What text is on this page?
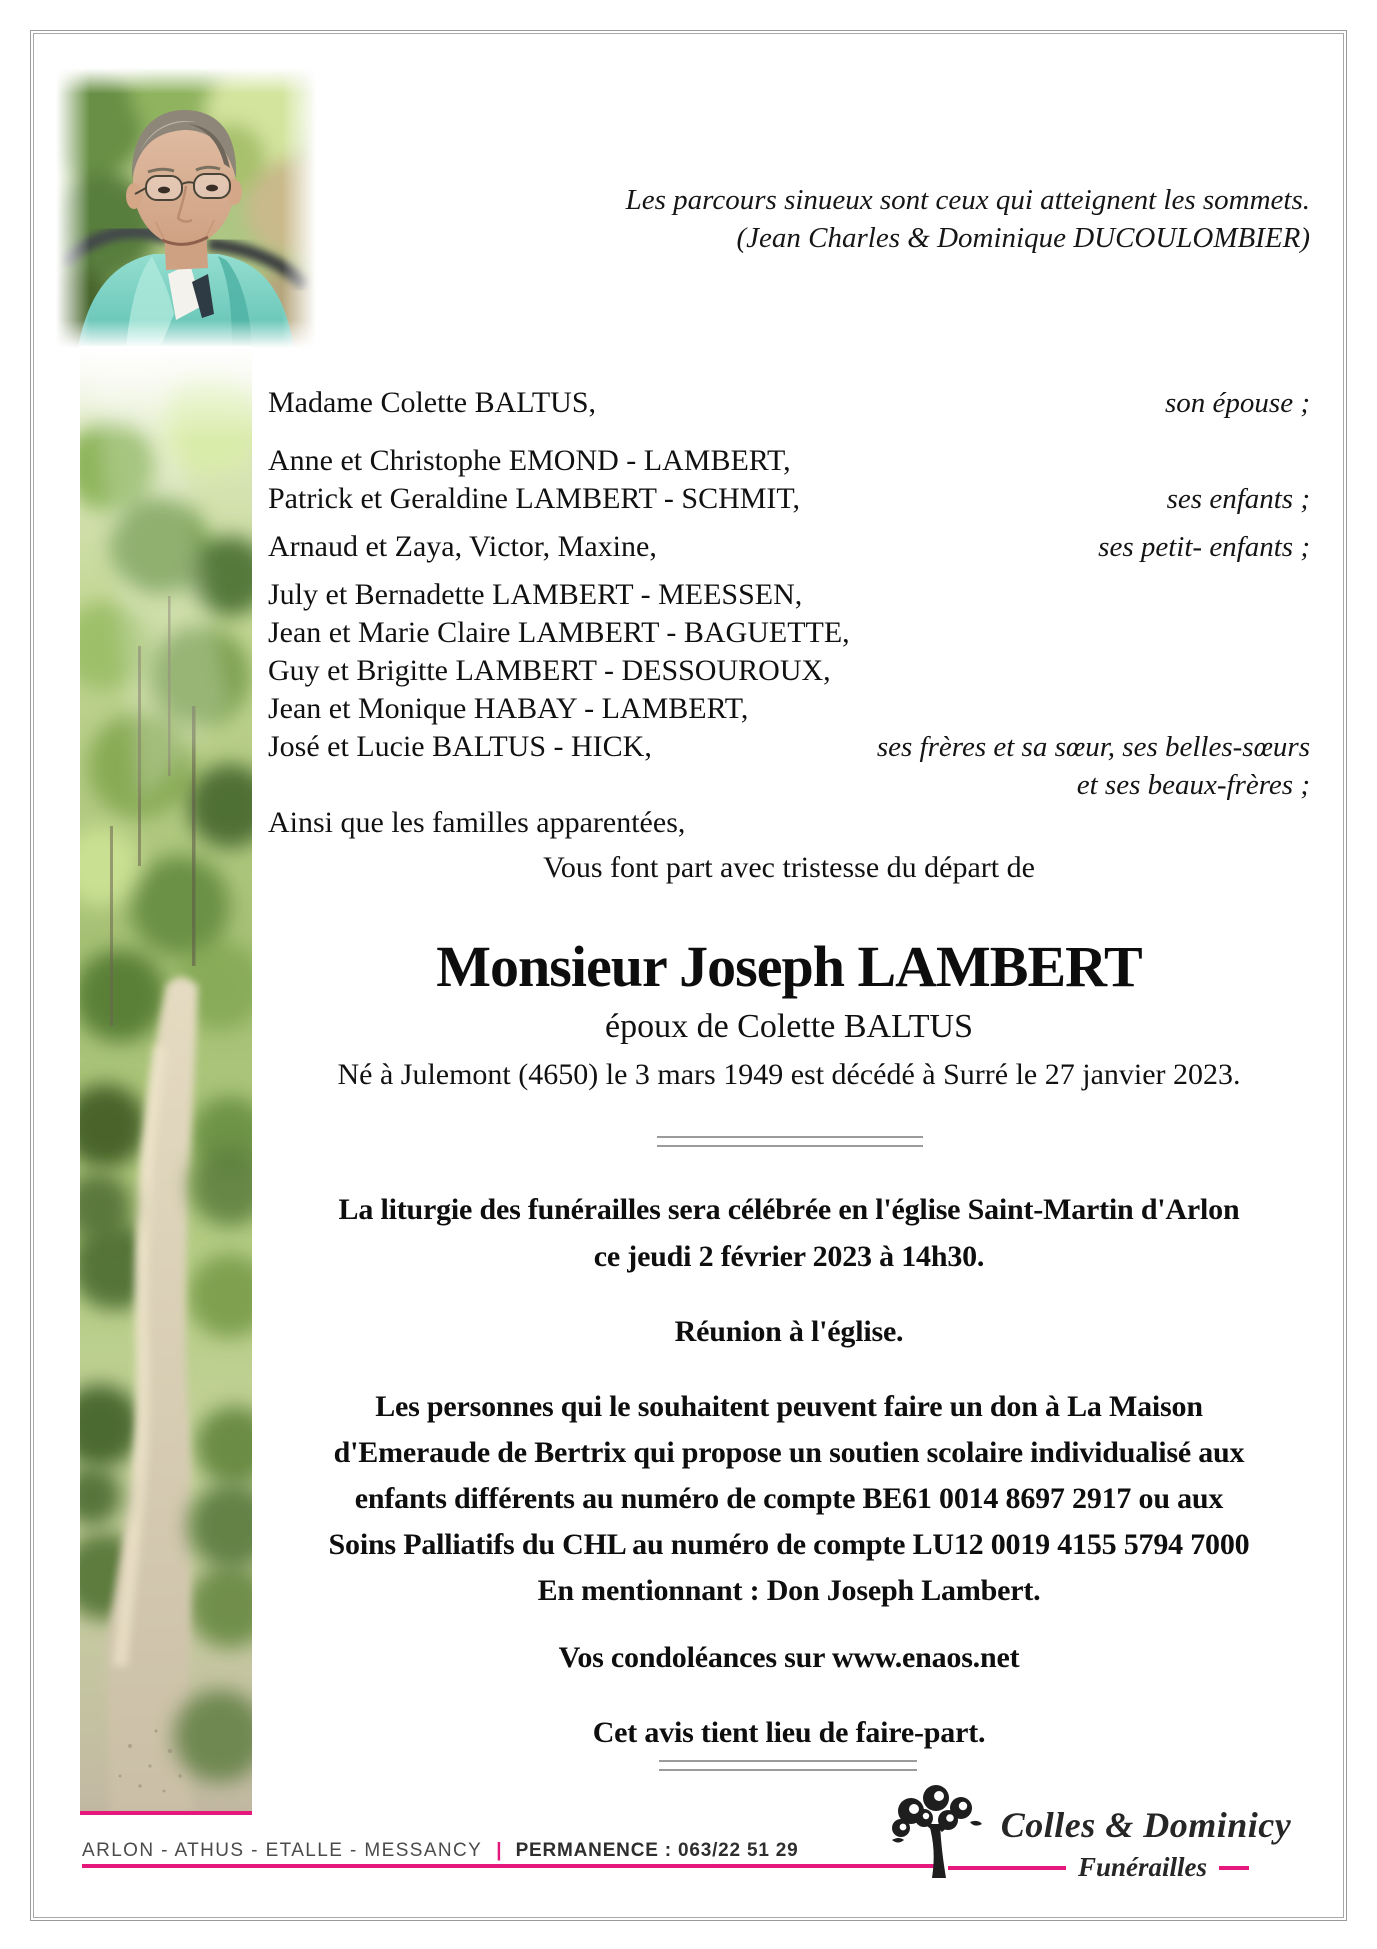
Les parcours sinueux sont ceux qui atteignent les sommets.
(Jean Charles & Dominique DUCOULOMBIER)
Madame Colette BALTUS,	son épouse ;
Anne et Christophe EMOND - LAMBERT,
Patrick et Geraldine LAMBERT - SCHMIT,	ses enfants ;
Arnaud et Zaya, Victor, Maxine,	ses petit- enfants ;
July et Bernadette LAMBERT - MEESSEN,
Jean et Marie Claire LAMBERT - BAGUETTE,
Guy et Brigitte LAMBERT - DESSOUROUX,
Jean et Monique HABAY - LAMBERT,
José et Lucie BALTUS - HICK,	ses frères et sa sœur, ses belles-sœurs
et ses beaux-frères ;
Ainsi que les familles apparentées,
Vous font part avec tristesse du départ de
Monsieur Joseph LAMBERT
époux de Colette BALTUS
Né à Julemont (4650) le 3 mars 1949 est décédé à Surré le 27 janvier 2023.
La liturgie des funérailles sera célébrée en l'église Saint-Martin d'Arlon
ce jeudi 2 février 2023 à 14h30.
Réunion à l'église.
Les personnes qui le souhaitent peuvent faire un don à La Maison
d'Emeraude de Bertrix qui propose un soutien scolaire individualisé aux
enfants différents au numéro de compte BE61 0014 8697 2917 ou aux
Soins Palliatifs du CHL au numéro de compte LU12 0019 4155 5794 7000
En mentionnant : Don Joseph Lambert.
Vos condoléances sur www.enaos.net
Cet avis tient lieu de faire-part.
ARLON - ATHUS - ETALLE - MESSANCY | PERMANENCE : 063/22 51 29
Colles & Dominicy
Funérailles
